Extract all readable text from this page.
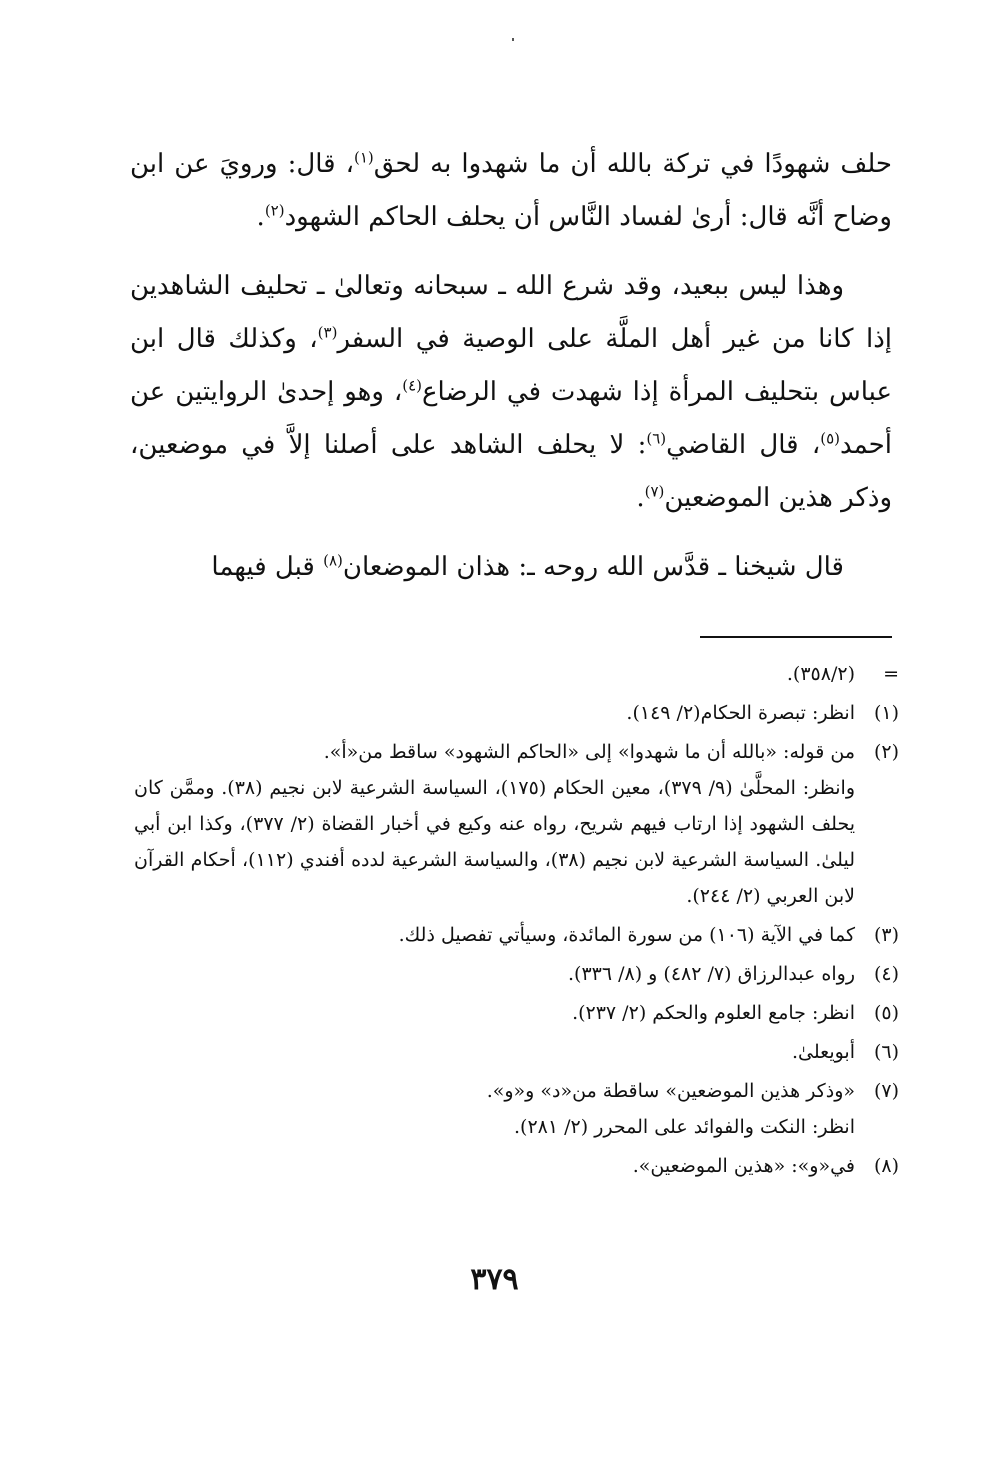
حلف شهودًا في تركة بالله أن ما شهدوا به لحق$^{(١)}$، قال: ورويَ عن ابن وضاح أنَّه قال: أرىٰ لفساد النَّاس أن يحلف الحاكم الشهود$^{(٢)}$.

وهذا ليس ببعيد، وقد شرع الله ـ سبحانه وتعالىٰ ـ تحليف الشاهدين إذا كانا من غير أهل الملَّة على الوصية في السفر$^{(٣)}$، وكذلك قال ابن عباس بتحليف المرأة إذا شهدت في الرضاع$^{(٤)}$، وهو إحدىٰ الروايتين عن أحمد$^{(٥)}$، قال القاضي$^{(٦)}$: لا يحلف الشاهد على أصلنا إلاَّ في موضعين، وذكر هذين الموضعين$^{(٧)}$.

قال شيخنا ـ قدَّس الله روحه ـ: هذان الموضعان$^{(٨)}$ قبل فيهما

=
(٣٥٨/٢).
(١)
انظر: تبصرة الحكام(٢/ ١٤٩).
(٢)
من قوله: «بالله أن ما شهدوا» إلى «الحاكم الشهود» ساقط من«أ».
وانظر: المحلَّىٰ (٩/ ٣٧٩)، معين الحكام (١٧٥)، السياسة الشرعية لابن نجيم (٣٨). وممَّن كان يحلف الشهود إذا ارتاب فيهم شريح، رواه عنه وكيع في أخبار القضاة (٢/ ٣٧٧)، وكذا ابن أبي ليلىٰ. السياسة الشرعية لابن نجيم (٣٨)، والسياسة الشرعية لدده أفندي (١١٢)، أحكام القرآن لابن العربي (٢/ ٢٤٤).
(٣)
كما في الآية (١٠٦) من سورة المائدة، وسيأتي تفصيل ذلك.
(٤)
رواه عبدالرزاق (٧/ ٤٨٢) و (٨/ ٣٣٦).
(٥)
انظر: جامع العلوم والحكم (٢/ ٢٣٧).
(٦)
أبويعلىٰ.
(٧)
«وذكر هذين الموضعين» ساقطة من«د» و«و».
انظر: النكت والفوائد على المحرر (٢/ ٢٨١).
(٨)
في«و»: «هذين الموضعين».
٣٧٩
